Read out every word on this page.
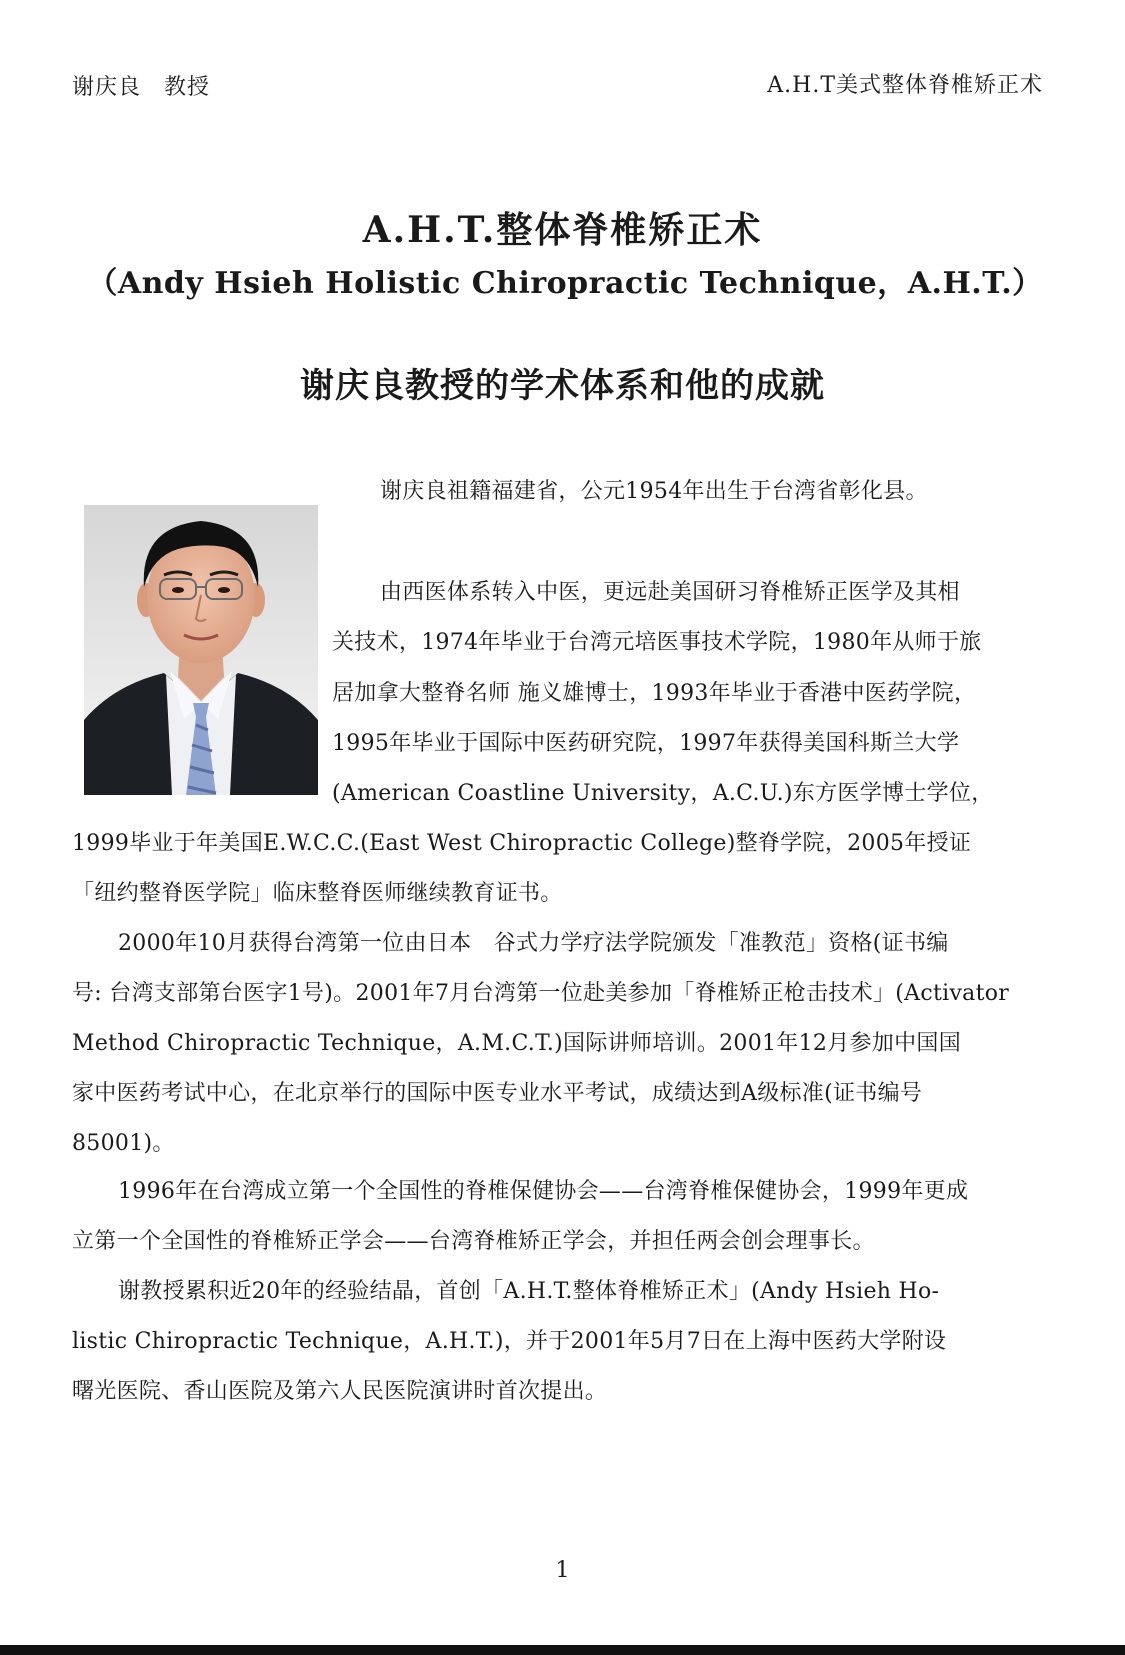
谢庆良　教授	A.H.T美式整体脊椎矫正术
A.H.T.整体脊椎矫正术
（Andy Hsieh Holistic Chiropractic Technique，A.H.T.）
谢庆良教授的学术体系和他的成就
谢庆良祖籍福建省，公元1954年出生于台湾省彰化县。
由西医体系转入中医，更远赴美国研习脊椎矫正医学及其相
关技术，1974年毕业于台湾元培医事技术学院，1980年从师于旅
居加拿大整脊名师 施义雄博士，1993年毕业于香港中医药学院，
1995年毕业于国际中医药研究院，1997年获得美国科斯兰大学
(American Coastline University，A.C.U.)东方医学博士学位，
1999毕业于年美国E.W.C.C.(East West Chiropractic College)整脊学院，2005年授证
「纽约整脊医学院」临床整脊医师继续教育证书。
2000年10月获得台湾第一位由日本　谷式力学疗法学院颁发「准教范」资格(证书编
号: 台湾支部第台医字1号)。2001年7月台湾第一位赴美参加「脊椎矫正枪击技术」(Activator
Method Chiropractic Technique，A.M.C.T.)国际讲师培训。2001年12月参加中国国
家中医药考试中心，在北京举行的国际中医专业水平考试，成绩达到A级标准(证书编号
85001)。
1996年在台湾成立第一个全国性的脊椎保健协会——台湾脊椎保健协会，1999年更成
立第一个全国性的脊椎矫正学会——台湾脊椎矫正学会，并担任两会创会理事长。
谢教授累积近20年的经验结晶，首创「A.H.T.整体脊椎矫正术」(Andy Hsieh Ho-
listic Chiropractic Technique，A.H.T.)，并于2001年5月7日在上海中医药大学附设
曙光医院、香山医院及第六人民医院演讲时首次提出。
1
